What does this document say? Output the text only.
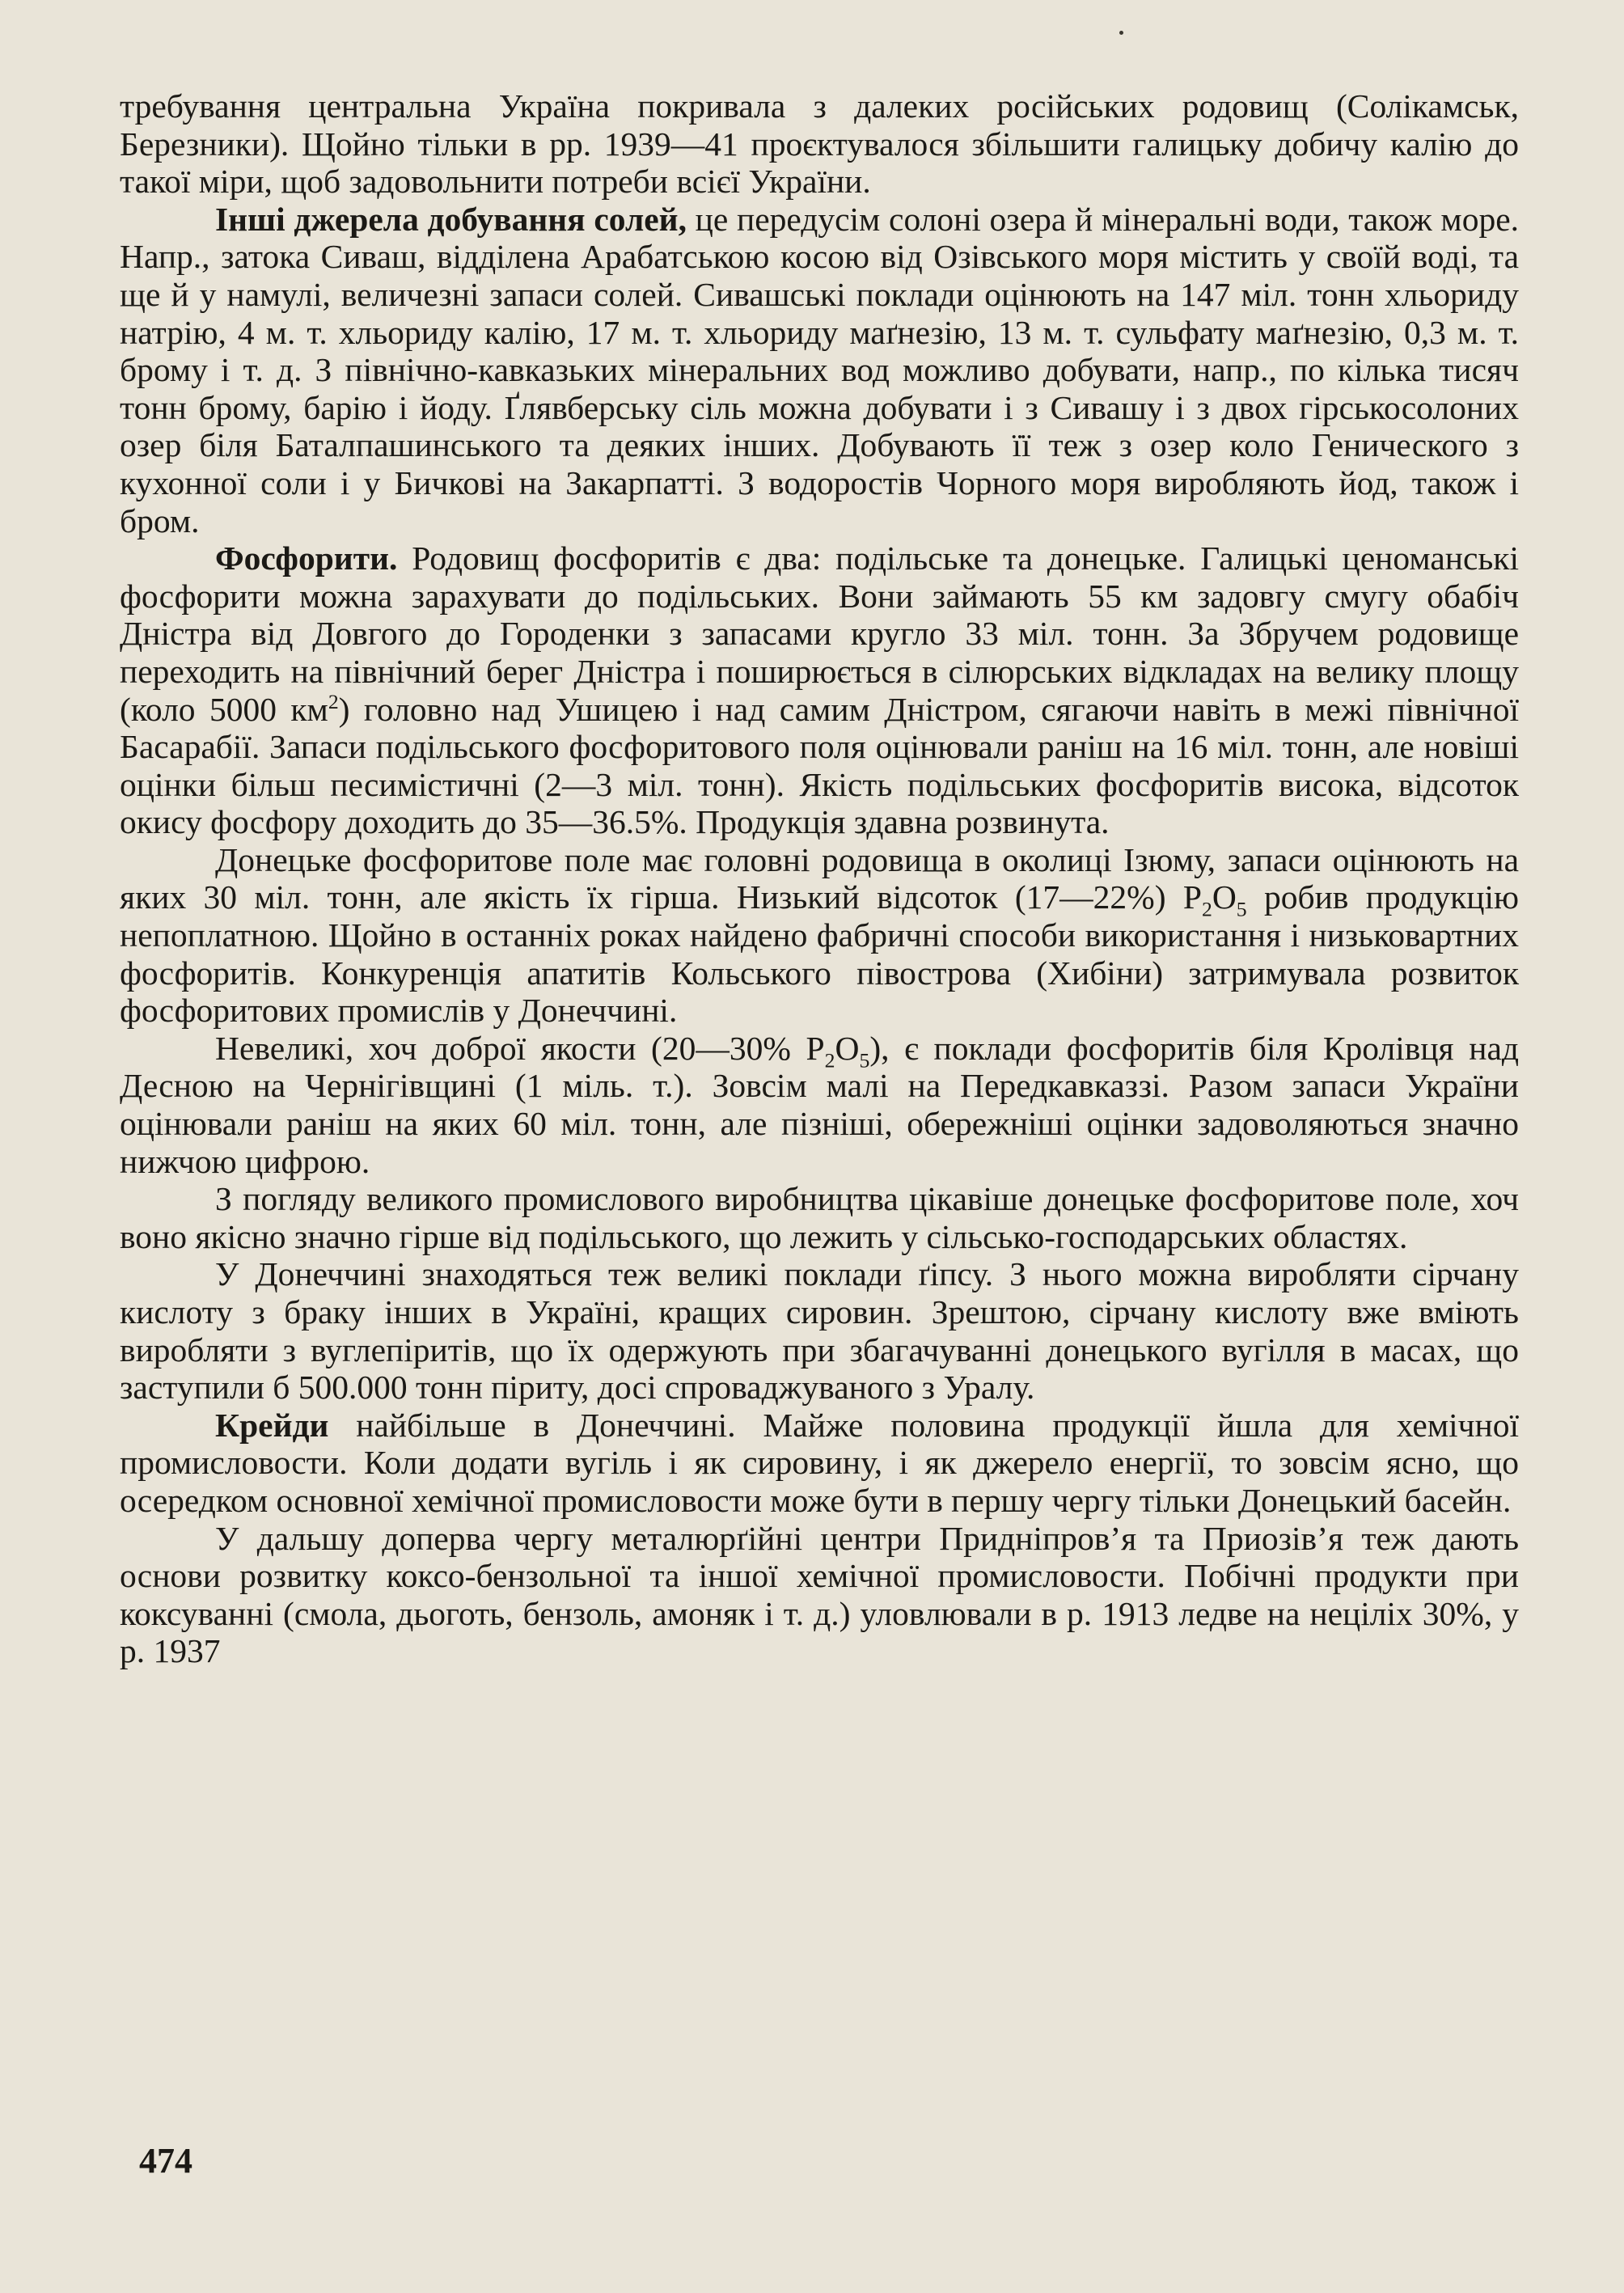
требування центральна Україна покривала з далеких російських родовищ (Солікамськ, Березники). Щойно тільки в рр. 1939—41 проєктувалося збільшити галицьку добичу калію до такої міри, щоб задовольнити потреби всієї України.

Інші джерела добування солей, це передусім солоні озера й мінеральні води, також море. Напр., затока Сиваш, відділена Арабатською косою від Озівського моря містить у своїй воді, та ще й у намулі, величезні запаси солей. Сивашські поклади оцінюють на 147 міл. тонн хльориду натрію, 4 м. т. хльориду калію, 17 м. т. хльориду маґнезію, 13 м. т. сульфату маґнезію, 0,3 м. т. брому і т. д. З північно-кавказьких мінеральних вод можливо добувати, напр., по кілька тисяч тонн брому, барію і йоду. Ґлявберську сіль можна добувати і з Сивашу і з двох гірськосолоних озер біля Баталпашинського та деяких інших. Добувають її теж з озер коло Генического з кухонної соли і у Бичкові на Закарпатті. З водоростів Чорного моря виробляють йод, також і бром.

Фосфорити. Родовищ фосфоритів є два: подільське та донецьке. Галицькі ценоманські фосфорити можна зарахувати до подільських. Вони займають 55 км задовгу смугу обабіч Дністра від Довгого до Городенки з запасами кругло 33 міл. тонн. За Збручем родовище переходить на північний берег Дністра і поширюється в сілюрських відкладах на велику площу (коло 5000 $км^2$) головно над Ушицею і над самим Дністром, сягаючи навіть в межі північної Басарабії. Запаси подільського фосфоритового поля оцінювали раніш на 16 міл. тонн, але новіші оцінки більш песимістичні (2—3 міл. тонн). Якість подільських фосфоритів висока, відсоток окису фосфору доходить до 35—36.5%. Продукція здавна розвинута.

Донецьке фосфоритове поле має головні родовища в околиці Ізюму, запаси оцінюють на яких 30 міл. тонн, але якість їх гірша. Низький відсоток (17—22%) $P_2O_5$ робив продукцію непоплатною. Щойно в останніх роках найдено фабричні способи використання і низьковартних фосфоритів. Конкуренція апатитів Кольського півострова (Хибіни) затримувала розвиток фосфоритових промислів у Донеччині.

Невеликі, хоч доброї якости (20—30% $P_2O_5$), є поклади фосфоритів біля Кролівця над Десною на Чернігівщині (1 міль. т.). Зовсім малі на Передкавказзі. Разом запаси України оцінювали раніш на яких 60 міл. тонн, але пізніші, обережніші оцінки задоволяються значно нижчою цифрою.

З погляду великого промислового виробництва цікавіше донецьке фосфоритове поле, хоч воно якісно значно гірше від подільського, що лежить у сільсько-господарських областях.

У Донеччині знаходяться теж великі поклади ґіпсу. З нього можна виробляти сірчану кислоту з браку інших в Україні, кращих сировин. Зрештою, сірчану кислоту вже вміють виробляти з вуглепіритів, що їх одержують при збагачуванні донецького вугілля в масах, що заступили б 500.000 тонн піриту, досі спроваджуваного з Уралу.

Крейди найбільше в Донеччині. Майже половина продукції йшла для хемічної промисловости. Коли додати вугіль і як сировину, і як джерело енергії, то зовсім ясно, що осередком основної хемічної промисловости може бути в першу чергу тільки Донецький басейн.

У дальшу доперва чергу металюрґійні центри Придніпров’я та Приозів’я теж дають основи розвитку коксо-бензольної та іншої хемічної промисловости. Побічні продукти при коксуванні (смола, дьоготь, бензоль, амоняк і т. д.) уловлювали в р. 1913 ледве на неціліх 30%, у р. 1937

474
